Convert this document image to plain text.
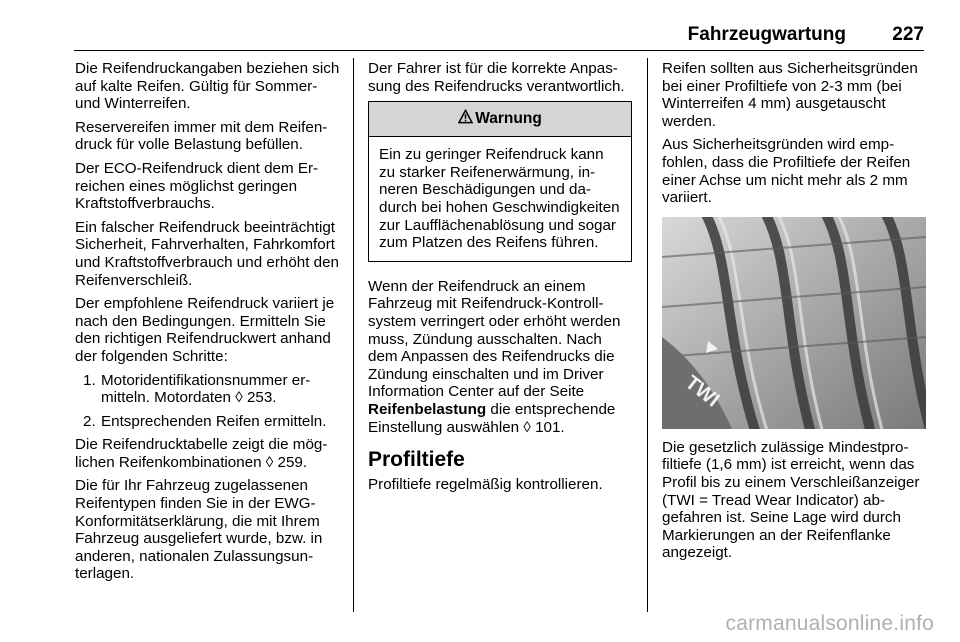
Fahrzeugwartung 227

Die Reifendruckangaben beziehen sich auf kalte Reifen. Gültig für Sommer- und Winterreifen.

Reservereifen immer mit dem Reifendruck für volle Belastung befüllen.

Der ECO-Reifendruck dient dem Erreichen eines möglichst geringen Kraftstoffverbrauchs.

Ein falscher Reifendruck beeinträchtigt Sicherheit, Fahrverhalten, Fahrkomfort und Kraftstoffverbrauch und erhöht den Reifenverschleiß.

Der empfohlene Reifendruck variiert je nach den Bedingungen. Ermitteln Sie den richtigen Reifendruckwert anhand der folgenden Schritte:

1. Motoridentifikationsnummer ermitteln. Motordaten ◊ 253.
2. Entsprechenden Reifen ermitteln.

Die Reifendrucktabelle zeigt die möglichen Reifenkombinationen ◊ 259.

Die für Ihr Fahrzeug zugelassenen Reifentypen finden Sie in der EWG-Konformitätserklärung, die mit Ihrem Fahrzeug ausgeliefert wurde, bzw. in anderen, nationalen Zulassungsunterlagen.

Der Fahrer ist für die korrekte Anpassung des Reifendrucks verantwortlich.

Warnung
Ein zu geringer Reifendruck kann zu starker Reifenerwärmung, inneren Beschädigungen und dadurch bei hohen Geschwindigkeiten zur Laufflächenablösung und sogar zum Platzen des Reifens führen.

Wenn der Reifendruck an einem Fahrzeug mit Reifendruck-Kontrollsystem verringert oder erhöht werden muss, Zündung ausschalten. Nach dem Anpassen des Reifendrucks die Zündung einschalten und im Driver Information Center auf der Seite Reifenbelastung die entsprechende Einstellung auswählen ◊ 101.

Profiltiefe

Profiltiefe regelmäßig kontrollieren.

Reifen sollten aus Sicherheitsgründen bei einer Profiltiefe von 2-3 mm (bei Winterreifen 4 mm) ausgetauscht werden.

Aus Sicherheitsgründen wird empfohlen, dass die Profiltiefe der Reifen einer Achse um nicht mehr als 2 mm variiert.

TWI

Die gesetzlich zulässige Mindestprofiltiefe (1,6 mm) ist erreicht, wenn das Profil bis zu einem Verschleißanzeiger (TWI = Tread Wear Indicator) abgefahren ist. Seine Lage wird durch Markierungen an der Reifenflanke angezeigt.

carmanualsonline.info
